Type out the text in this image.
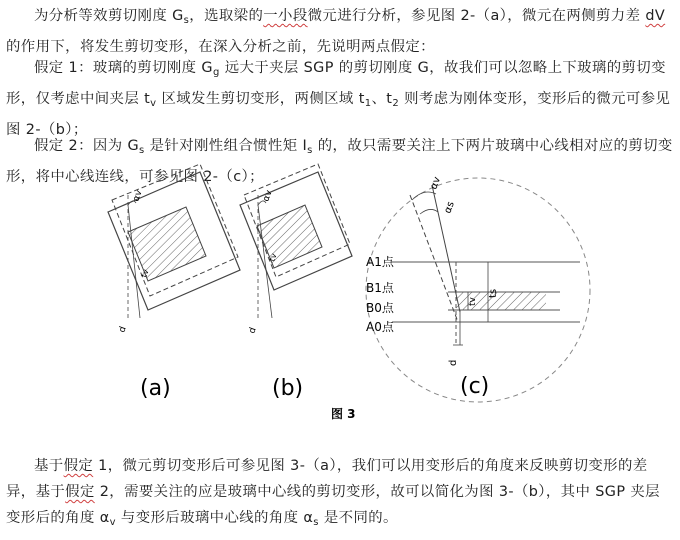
为分析等效剪切刚度 $G_s$，选取梁的一小段微元进行分析，参见图 2-（a），微元在两侧剪力差 dV 的作用下，将发生剪切变形，在深入分析之前，先说明两点假定：

假定 1：玻璃的剪切刚度 $G_g$ 远大于夹层 SGP 的剪切刚度 G，故我们可以忽略上下玻璃的剪切变形，仅考虑中间夹层 $t_v$ 区域发生剪切变形，两侧区域 $t_1$、$t_2$ 则考虑为刚体变形，变形后的微元可参见图 2-（b）；

假定 2：因为 $G_s$ 是针对刚性组合惯性矩 $I_s$ 的，故只需要关注上下两片玻璃中心线相对应的剪切变形，将中心线连线，可参见图 2-（c）；

αv
tv
d
(a)
αv
tv
d
(b)
αv
αs
tv
ts
d
A1点
B1点
B0点
A0点
(c)
图 3

基于假定 1，微元剪切变形后可参见图 3-（a），我们可以用变形后的角度来反映剪切变形的差异，基于假定 2，需要关注的应是玻璃中心线的剪切变形，故可以简化为图 3-（b），其中 SGP 夹层变形后的角度 $\alpha_v$ 与变形后玻璃中心线的角度 $\alpha_s$ 是不同的。
